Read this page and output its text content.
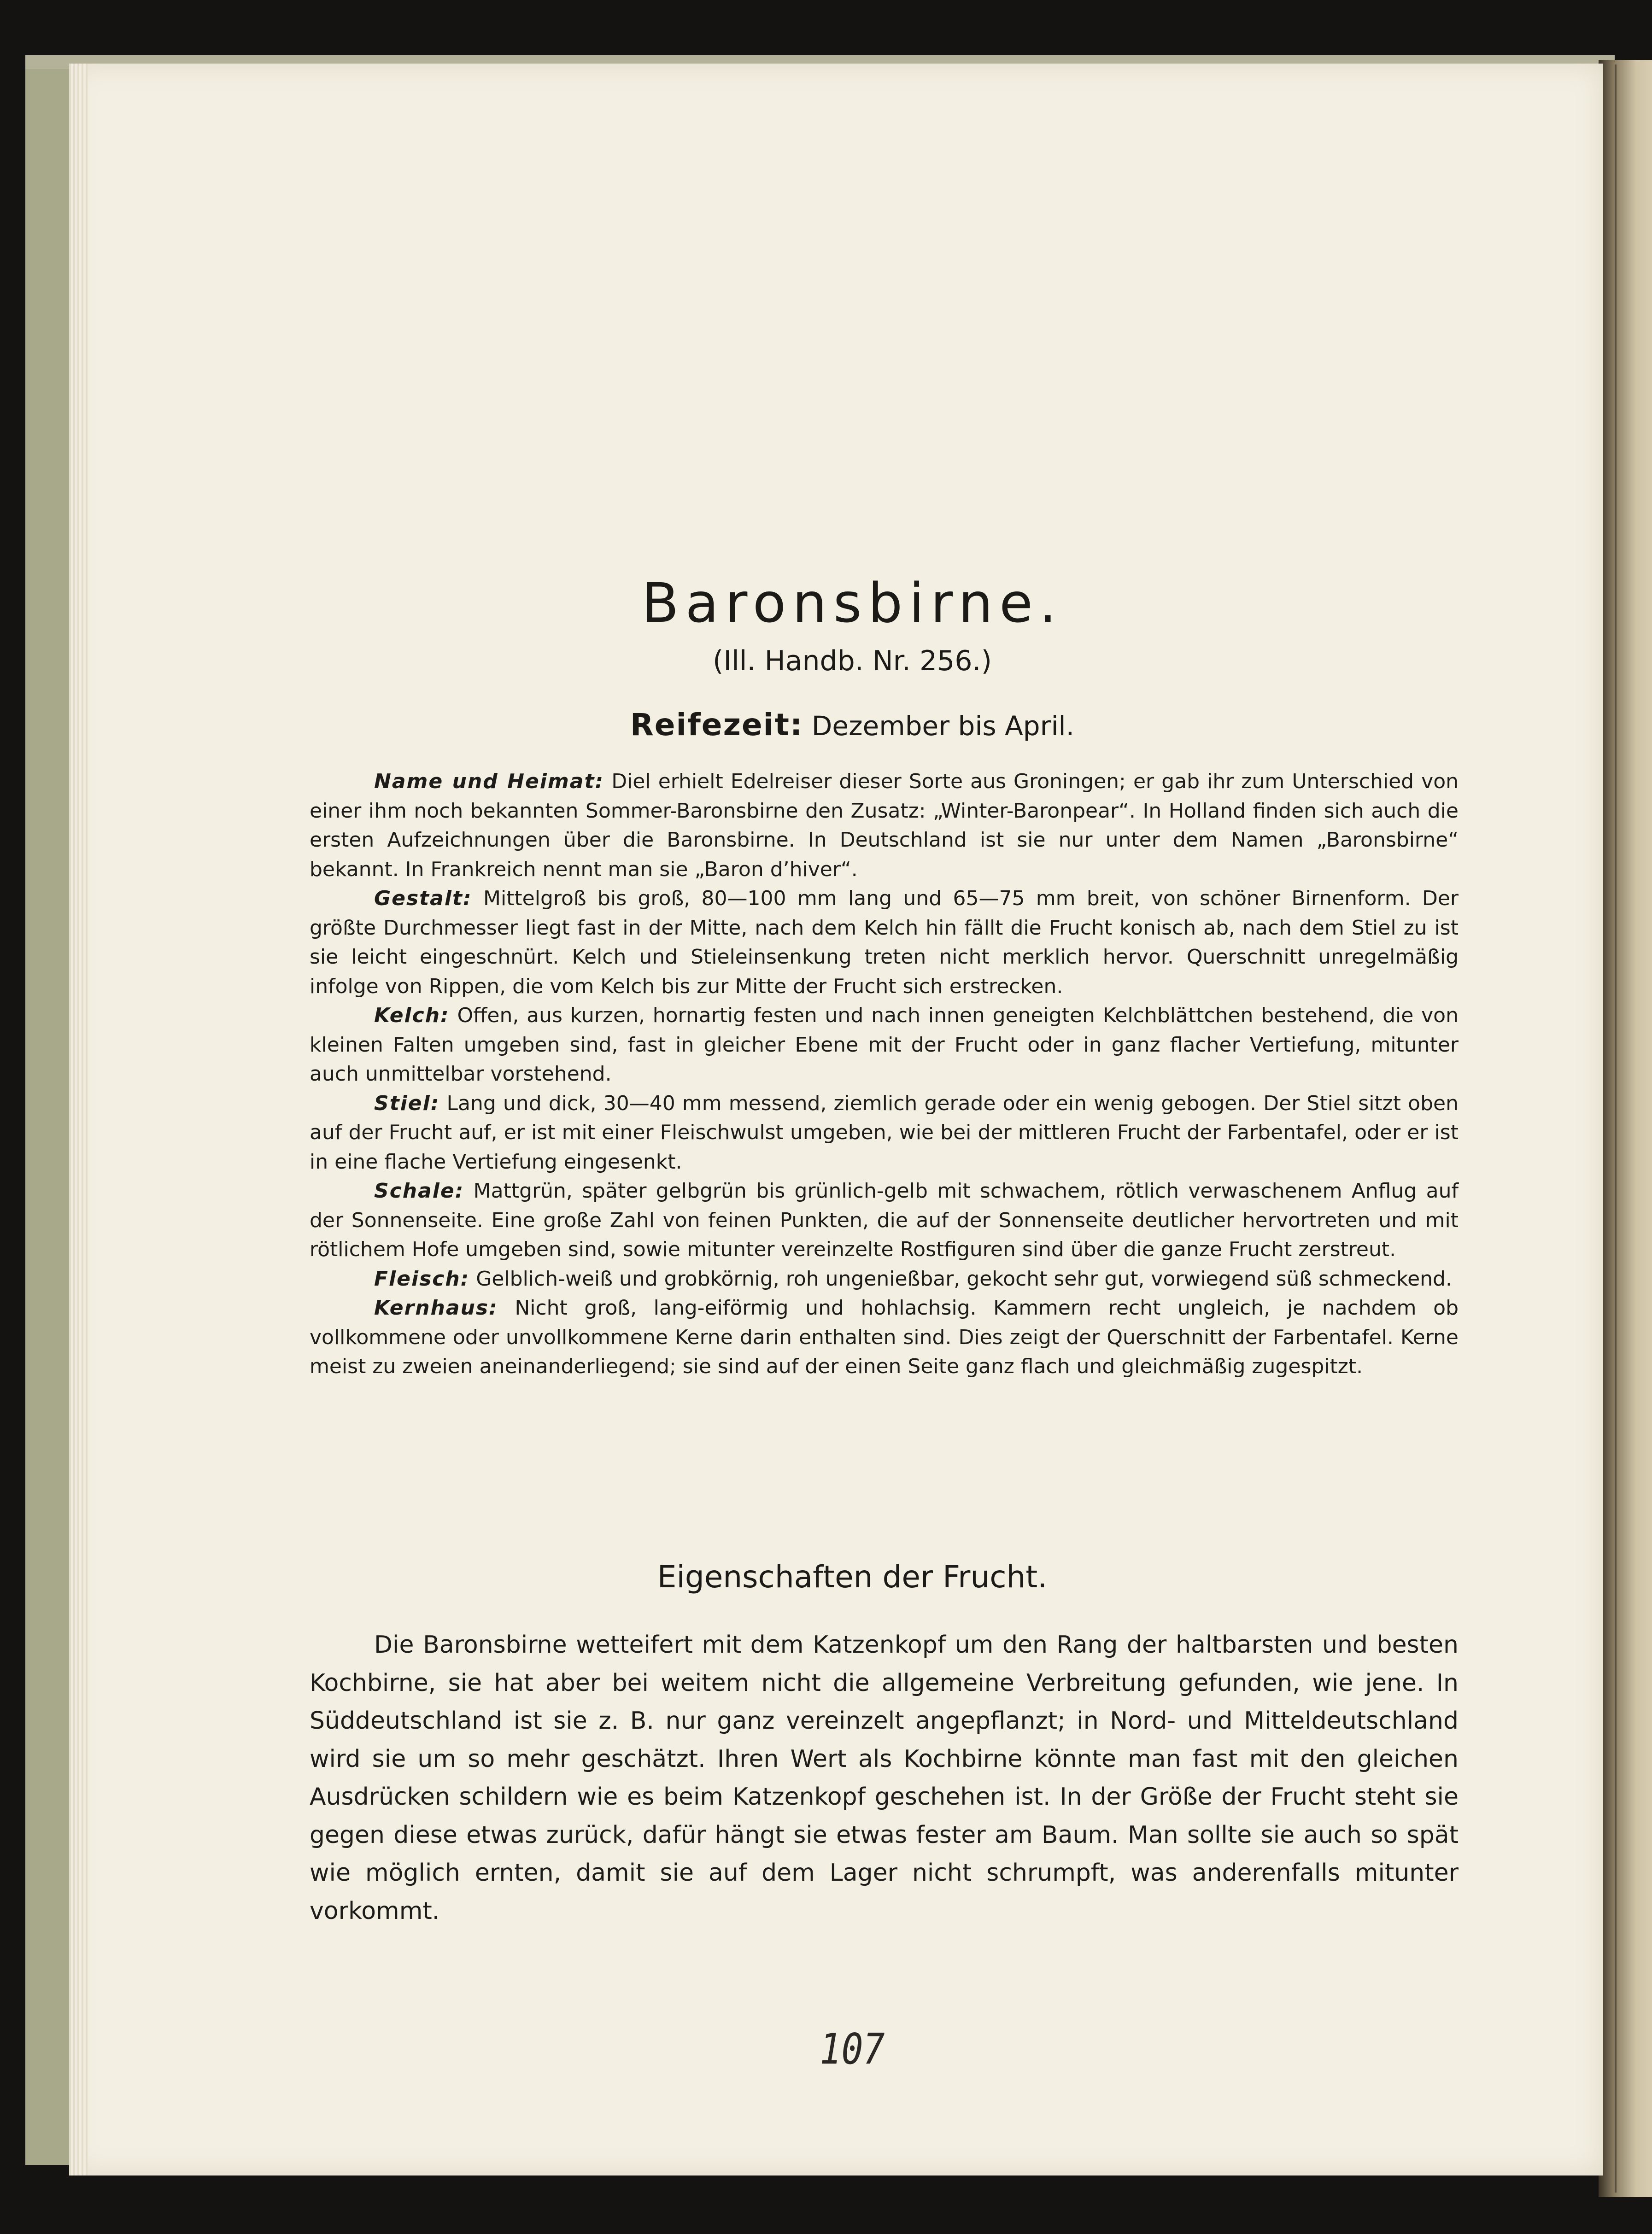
Baronsbirne.
(Ill. Handb. Nr. 256.)
Reifezeit: Dezember bis April.

Name und Heimat: Diel erhielt Edelreiser dieser Sorte aus Groningen; er gab ihr zum Unterschied von einer ihm noch bekannten Sommer-Baronsbirne den Zusatz: „Winter-Baronpear“. In Holland finden sich auch die ersten Aufzeichnungen über die Baronsbirne. In Deutschland ist sie nur unter dem Namen „Baronsbirne“ bekannt. In Frankreich nennt man sie „Baron d’hiver“.

Gestalt: Mittelgroß bis groß, 80—100 mm lang und 65—75 mm breit, von schöner Birnenform. Der größte Durchmesser liegt fast in der Mitte, nach dem Kelch hin fällt die Frucht konisch ab, nach dem Stiel zu ist sie leicht eingeschnürt. Kelch und Stieleinsenkung treten nicht merklich hervor. Querschnitt unregelmäßig infolge von Rippen, die vom Kelch bis zur Mitte der Frucht sich erstrecken.

Kelch: Offen, aus kurzen, hornartig festen und nach innen geneigten Kelchblättchen bestehend, die von kleinen Falten umgeben sind, fast in gleicher Ebene mit der Frucht oder in ganz flacher Vertiefung, mitunter auch unmittelbar vorstehend.

Stiel: Lang und dick, 30—40 mm messend, ziemlich gerade oder ein wenig gebogen. Der Stiel sitzt oben auf der Frucht auf, er ist mit einer Fleischwulst umgeben, wie bei der mittleren Frucht der Farbentafel, oder er ist in eine flache Vertiefung eingesenkt.

Schale: Mattgrün, später gelbgrün bis grünlich-gelb mit schwachem, rötlich verwaschenem Anflug auf der Sonnenseite. Eine große Zahl von feinen Punkten, die auf der Sonnenseite deutlicher hervortreten und mit rötlichem Hofe umgeben sind, sowie mitunter vereinzelte Rostfiguren sind über die ganze Frucht zerstreut.

Fleisch: Gelblich-weiß und grobkörnig, roh ungenießbar, gekocht sehr gut, vorwiegend süß schmeckend.

Kernhaus: Nicht groß, lang-eiförmig und hohlachsig. Kammern recht ungleich, je nachdem ob vollkommene oder unvollkommene Kerne darin enthalten sind. Dies zeigt der Querschnitt der Farbentafel. Kerne meist zu zweien aneinanderliegend; sie sind auf der einen Seite ganz flach und gleichmäßig zugespitzt.

Eigenschaften der Frucht.

Die Baronsbirne wetteifert mit dem Katzenkopf um den Rang der haltbarsten und besten Kochbirne, sie hat aber bei weitem nicht die allgemeine Verbreitung gefunden, wie jene. In Süddeutschland ist sie z. B. nur ganz vereinzelt angepflanzt; in Nord- und Mitteldeutschland wird sie um so mehr geschätzt. Ihren Wert als Kochbirne könnte man fast mit den gleichen Ausdrücken schildern wie es beim Katzenkopf geschehen ist. In der Größe der Frucht steht sie gegen diese etwas zurück, dafür hängt sie etwas fester am Baum. Man sollte sie auch so spät wie möglich ernten, damit sie auf dem Lager nicht schrumpft, was anderenfalls mitunter vorkommt.

107
